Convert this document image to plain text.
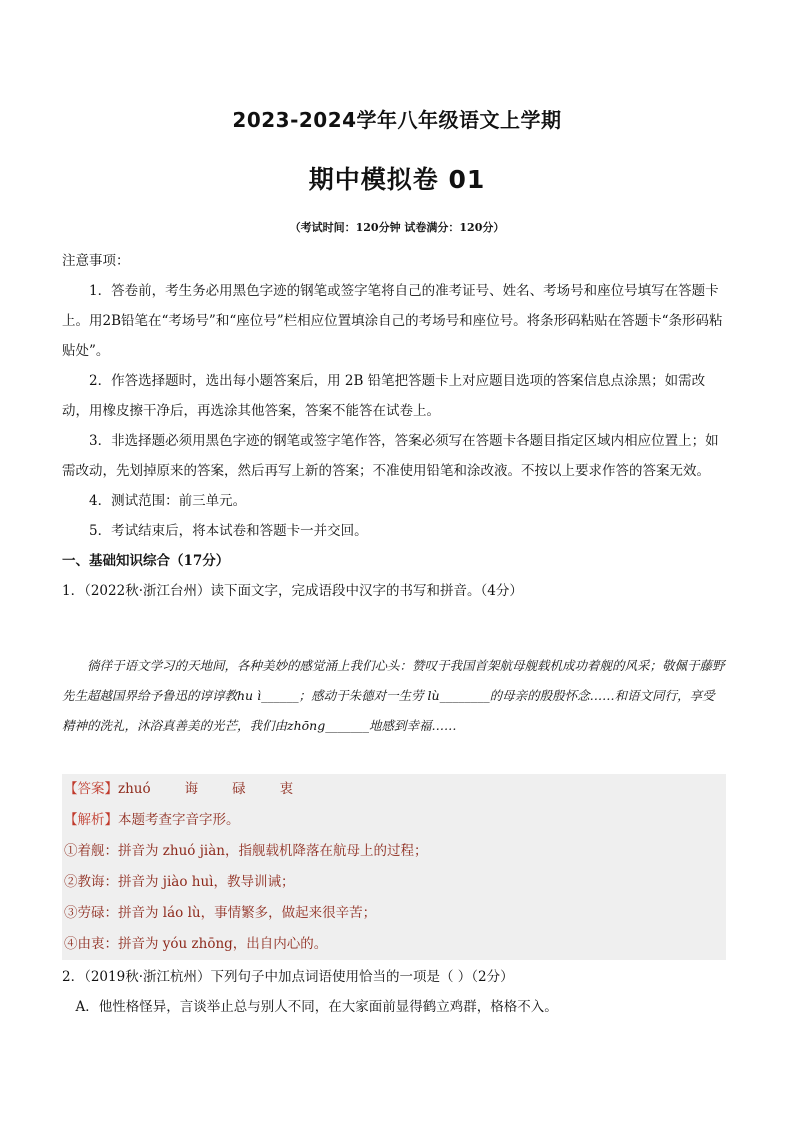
2023-2024学年八年级语文上学期
期中模拟卷 01
（考试时间：120分钟 试卷满分：120分）
注意事项：
1．答卷前，考生务必用黑色字迹的钢笔或签字笔将自己的准考证号、姓名、考场号和座位号填写在答题卡上。用2B铅笔在“考场号”和“座位号”栏相应位置填涂自己的考场号和座位号。将条形码粘贴在答题卡“条形码粘贴处”。
2．作答选择题时，选出每小题答案后，用 2B 铅笔把答题卡上对应题目选项的答案信息点涂黑；如需改动，用橡皮擦干净后，再选涂其他答案，答案不能答在试卷上。
3．非选择题必须用黑色字迹的钢笔或签字笔作答，答案必须写在答题卡各题目指定区域内相应位置上；如需改动，先划掉原来的答案，然后再写上新的答案；不准使用铅笔和涂改液。不按以上要求作答的答案无效。
4．测试范围：前三单元。
5．考试结束后，将本试卷和答题卡一并交回。
一、基础知识综合（17分）
1．（2022秋·浙江台州）读下面文字，完成语段中汉字的书写和拼音。（4分）
徜徉于语文学习的天地间，各种美妙的感觉涌上我们心头：赞叹于我国首架航母舰载机成功着舰的风采；敬佩于藤野先生超越国界给予鲁迅的谆谆教hu ì______；感动于朱德对一生劳 lù________的母亲的殷殷怀念……和语文同行，享受精神的洗礼，沐浴真善美的光芒，我们由zhōng_______地感到幸福……
【答案】zhuó	诲	碌	衷
【解析】本题考查字音字形。
①着舰：拼音为 zhuó jiàn，指舰载机降落在航母上的过程；
②教诲：拼音为 jiào huì，教导训诫；
③劳碌：拼音为 láo lù，事情繁多，做起来很辛苦；
④由衷：拼音为 yóu zhōng，出自内心的。
2．（2019秋·浙江杭州）下列句子中加点词语使用恰当的一项是（ ）（2分）
A．他性格怪异，言谈举止总与别人不同，在大家面前显得鹤立鸡群，格格不入。
